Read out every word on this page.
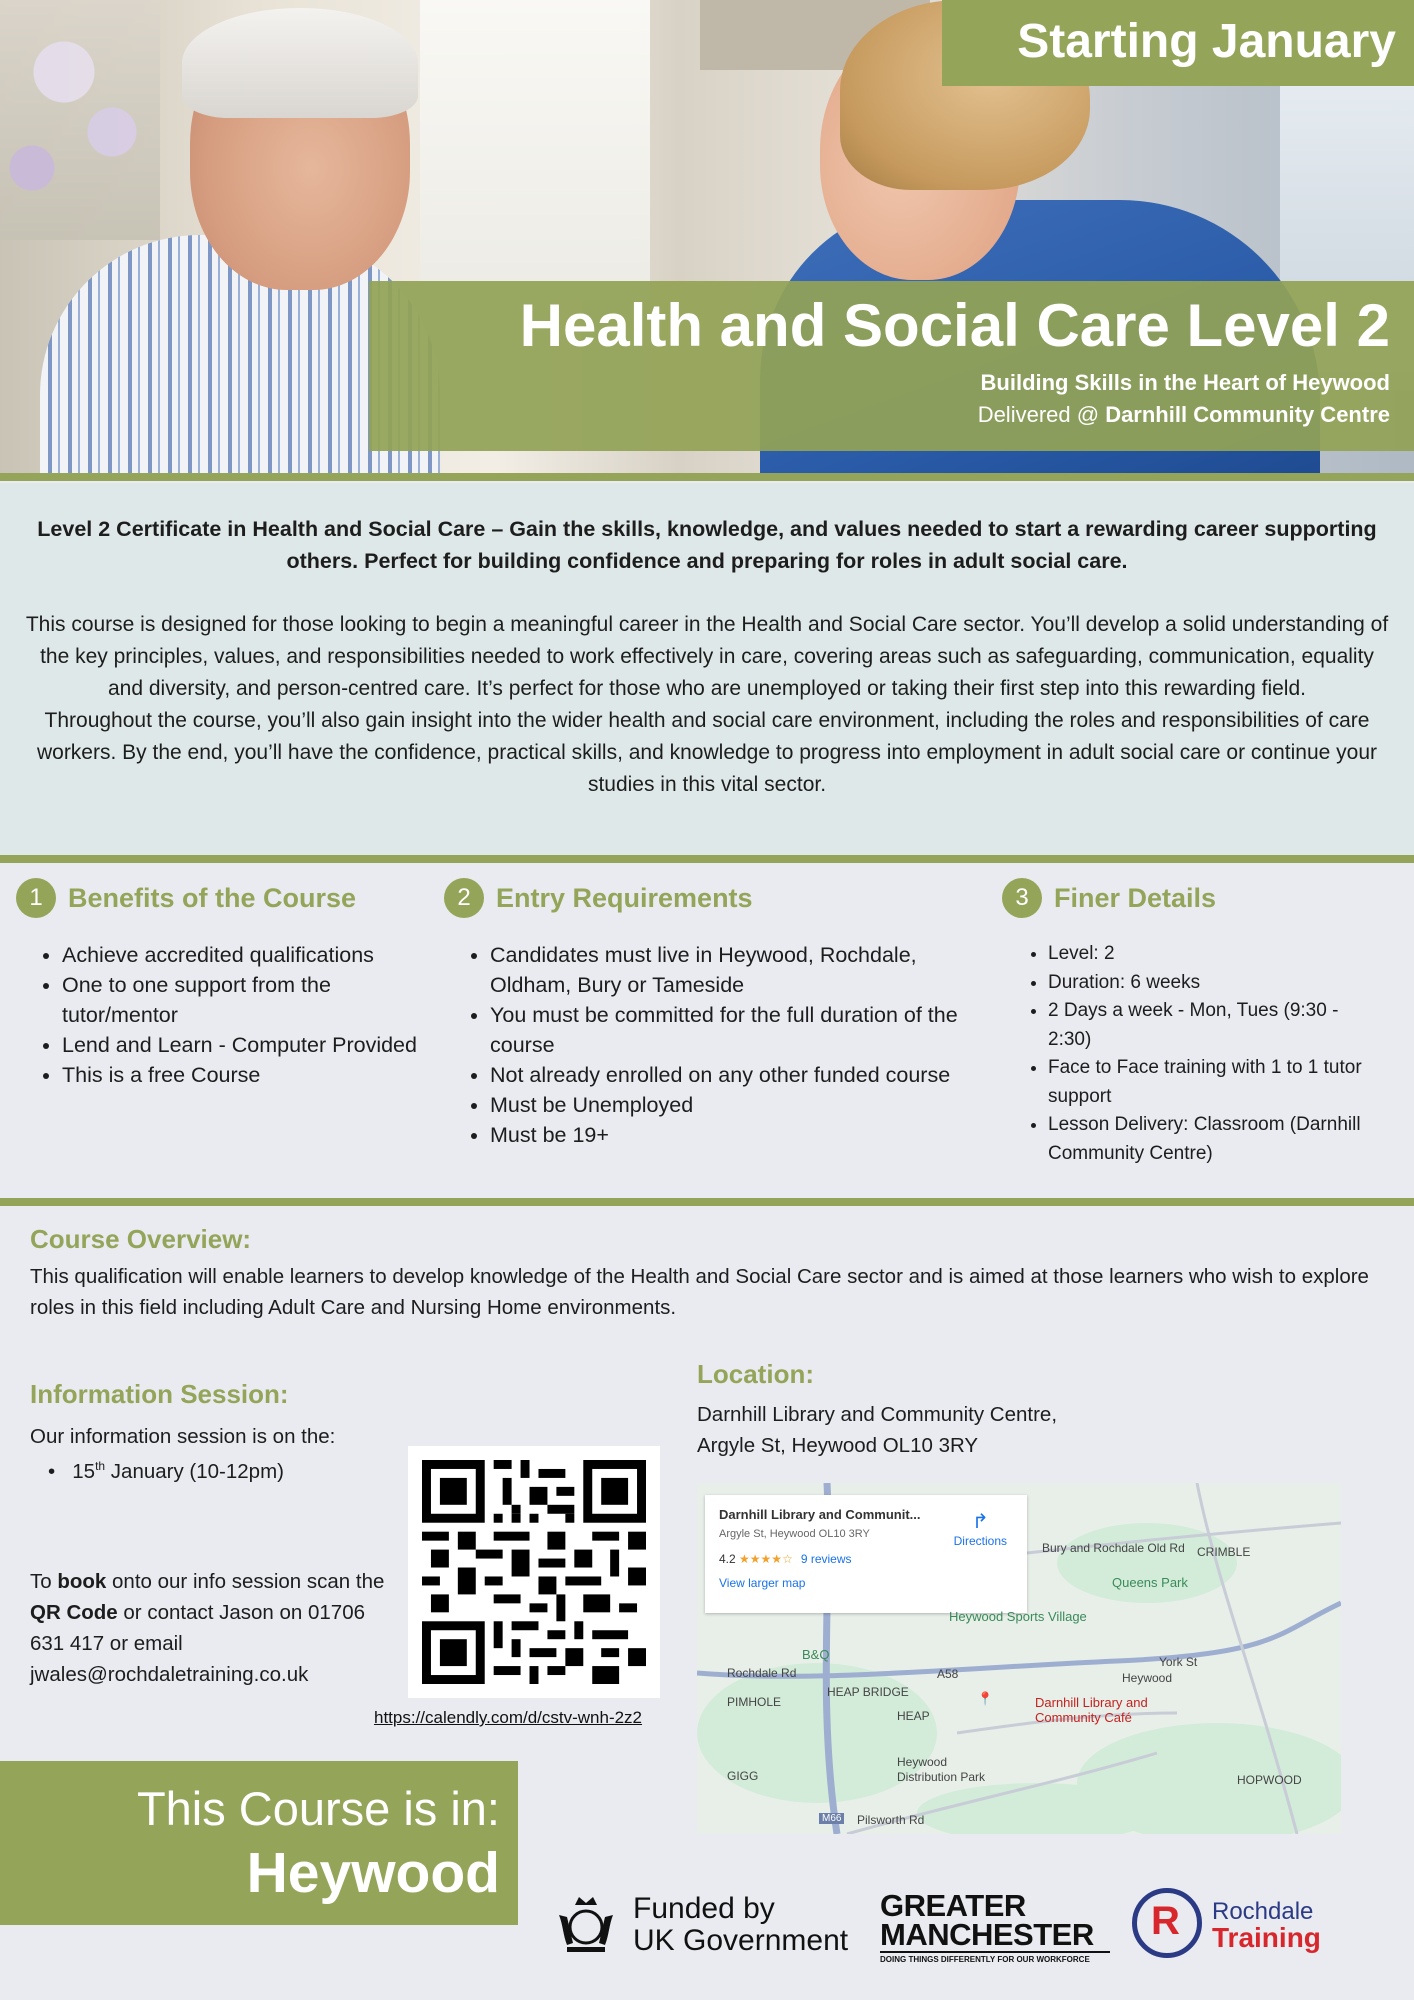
Starting January
Health and Social Care Level 2
Building Skills in the Heart of Heywood
Delivered @ Darnhill Community Centre

Level 2 Certificate in Health and Social Care – Gain the skills, knowledge, and values needed to start a rewarding career supporting others. Perfect for building confidence and preparing for roles in adult social care.

This course is designed for those looking to begin a meaningful career in the Health and Social Care sector. You’ll develop a solid understanding of the key principles, values, and responsibilities needed to work effectively in care, covering areas such as safeguarding, communication, equality and diversity, and person-centred care. It’s perfect for those who are unemployed or taking their first step into this rewarding field.

Throughout the course, you’ll also gain insight into the wider health and social care environment, including the roles and responsibilities of care workers. By the end, you’ll have the confidence, practical skills, and knowledge to progress into employment in adult social care or continue your studies in this vital sector.

1 Benefits of the Course
• Achieve accredited qualifications
• One to one support from the tutor/mentor
• Lend and Learn - Computer Provided
• This is a free Course
2 Entry Requirements
• Candidates must live in Heywood, Rochdale, Oldham, Bury or Tameside
• You must be committed for the full duration of the course
• Not already enrolled on any other funded course
• Must be Unemployed
• Must be 19+
3 Finer Details
• Level: 2
• Duration: 6 weeks
• 2 Days a week - Mon, Tues (9:30 - 2:30)
• Face to Face training with 1 to 1 tutor support
• Lesson Delivery: Classroom (Darnhill Community Centre)
Course Overview:
This qualification will enable learners to develop knowledge of the Health and Social Care sector and is aimed at those learners who wish to explore roles in this field including Adult Care and Nursing Home environments.
Information Session:
Our information session is on the:
•   15th January (10-12pm)
To book onto our info session scan the QR Code or contact Jason on 01706 631 417 or email jwales@rochdaletraining.co.uk
https://calendly.com/d/cstv-wnh-2z2
Location:
Darnhill Library and Community Centre,
Argyle St, Heywood OL10 3RY
Darnhill Library and Communit...
Argyle St, Heywood OL10 3RY
4.2 ★★★★☆ 9 reviews
View larger map
↱
Directions	Bury and Rochdale Old Rd CRIMBLE
Queens Park
Heywood Sports Village
B&Q
Rochdale Rd	A58	Heywood
York St
HEAP BRIDGE
PIMHOLE
HEAP
📍	Darnhill Library and Community Café
Heywood Distribution Park
GIGG	HOPWOOD
M66 Pilsworth Rd
This Course is in:
Heywood
Funded by
UK Government
GREATER
MANCHESTER
DOING THINGS DIFFERENTLY FOR OUR WORKFORCE
R Rochdale
Training
